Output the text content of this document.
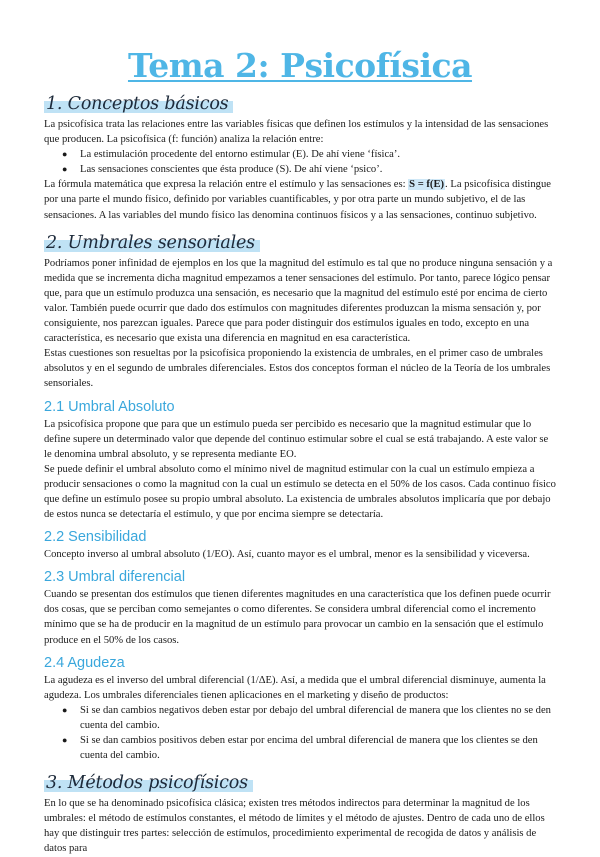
Tema 2: Psicofísica
1. Conceptos básicos

La psicofísica trata las relaciones entre las variables físicas que definen los estímulos y la intensidad de las sensaciones que producen. La psicofísica (f: función) analiza la relación entre:

● La estimulación procedente del entorno estimular (E). De ahí viene ‘física’.
● Las sensaciones conscientes que ésta produce (S). De ahí viene ‘psico’.

La fórmula matemática que expresa la relación entre el estímulo y las sensaciones es: S = f(E). La psicofísica distingue por una parte el mundo físico, definido por variables cuantificables, y por otra parte un mundo subjetivo, el de las sensaciones. A las variables del mundo físico las denomina continuos físicos y a las sensaciones, continuo subjetivo.

2. Umbrales sensoriales

Podríamos poner infinidad de ejemplos en los que la magnitud del estímulo es tal que no produce ninguna sensación y a medida que se incrementa dicha magnitud empezamos a tener sensaciones del estímulo. Por tanto, parece lógico pensar que, para que un estímulo produzca una sensación, es necesario que la magnitud del estímulo esté por encima de cierto valor. También puede ocurrir que dado dos estímulos con magnitudes diferentes produzcan la misma sensación y, por consiguiente, nos parezcan iguales. Parece que para poder distinguir dos estímulos iguales en todo, excepto en una característica, es necesario que exista una diferencia en magnitud en esa característica.

Estas cuestiones son resueltas por la psicofísica proponiendo la existencia de umbrales, en el primer caso de umbrales absolutos y en el segundo de umbrales diferenciales. Estos dos conceptos forman el núcleo de la Teoría de los umbrales sensoriales.

2.1 Umbral Absoluto

La psicofísica propone que para que un estímulo pueda ser percibido es necesario que la magnitud estimular que lo define supere un determinado valor que depende del continuo estimular sobre el cual se está trabajando. A este valor se le denomina umbral absoluto, y se representa mediante EO.

Se puede definir el umbral absoluto como el mínimo nivel de magnitud estimular con la cual un estímulo empieza a producir sensaciones o como la magnitud con la cual un estímulo se detecta en el 50% de los casos. Cada continuo físico que define un estímulo posee su propio umbral absoluto. La existencia de umbrales absolutos implicaría que por debajo de estos nunca se detectaría el estímulo, y que por encima siempre se detectaría.

2.2 Sensibilidad

Concepto inverso al umbral absoluto (1/EO). Así, cuanto mayor es el umbral, menor es la sensibilidad y viceversa.

2.3 Umbral diferencial

Cuando se presentan dos estímulos que tienen diferentes magnitudes en una característica que los definen puede ocurrir dos cosas, que se perciban como semejantes o como diferentes. Se considera umbral diferencial como el incremento mínimo que se ha de producir en la magnitud de un estímulo para provocar un cambio en la sensación que el estímulo produce en el 50% de los casos.

2.4 Agudeza

La agudeza es el inverso del umbral diferencial (1/ΔE). Así, a medida que el umbral diferencial disminuye, aumenta la agudeza. Los umbrales diferenciales tienen aplicaciones en el marketing y diseño de productos:

● Si se dan cambios negativos deben estar por debajo del umbral diferencial de manera que los clientes no se den cuenta del cambio.
● Si se dan cambios positivos deben estar por encima del umbral diferencial de manera que los clientes se den cuenta del cambio.
3. Métodos psicofísicos

En lo que se ha denominado psicofísica clásica; existen tres métodos indirectos para determinar la magnitud de los umbrales: el método de estímulos constantes, el método de límites y el método de ajustes. Dentro de cada uno de ellos hay que distinguir tres partes: selección de estímulos, procedimiento experimental de recogida de datos y análisis de datos para
